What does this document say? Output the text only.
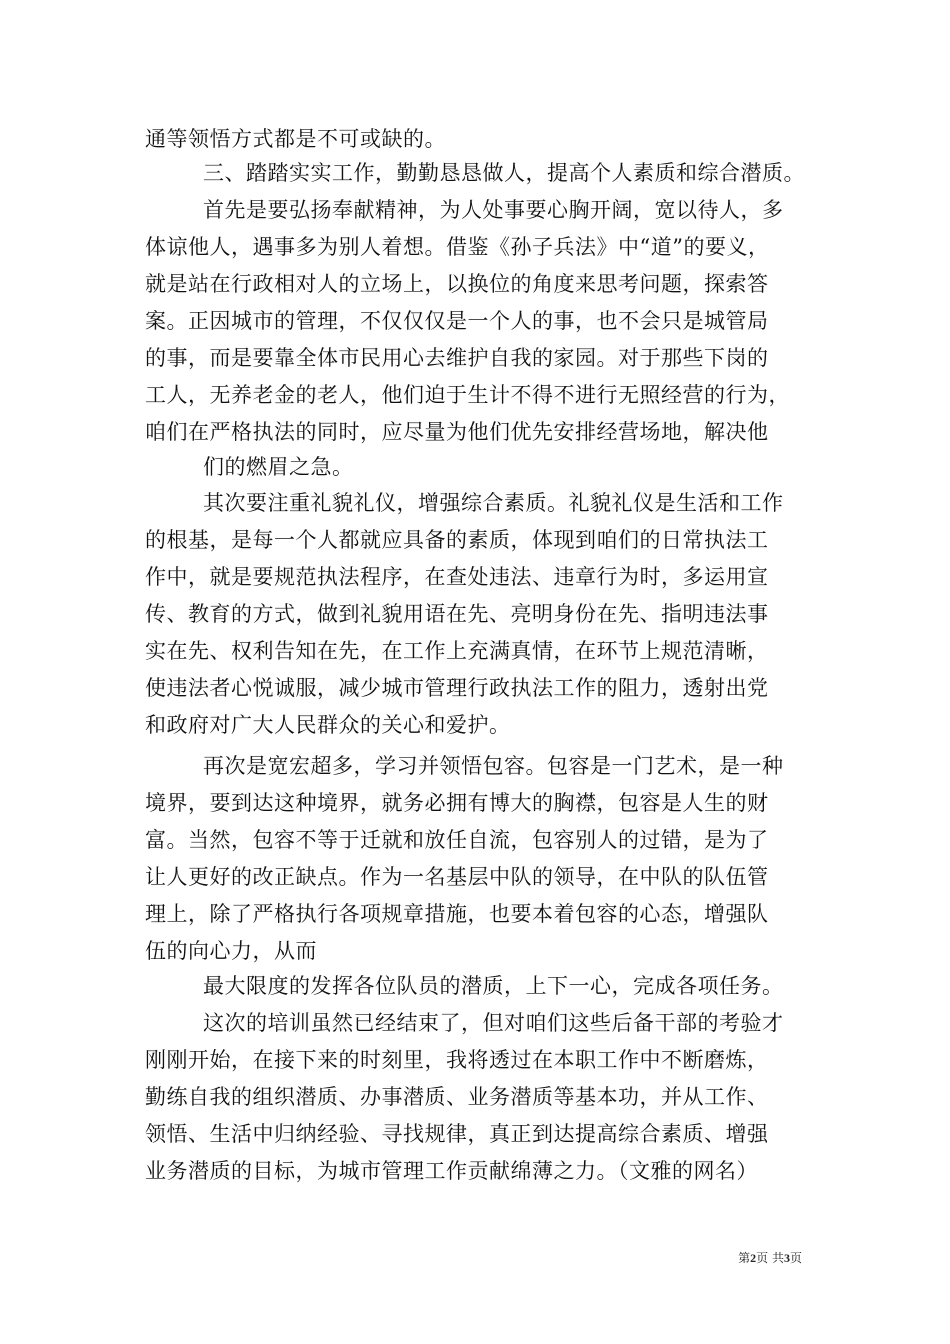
通等领悟方式都是不可或缺的。
三、踏踏实实工作，勤勤恳恳做人，提高个人素质和综合潜质。
首先是要弘扬奉献精神，为人处事要心胸开阔，宽以待人，多
体谅他人，遇事多为别人着想。借鉴《孙子兵法》中“道”的要义，
就是站在行政相对人的立场上，以换位的角度来思考问题，探索答
案。正因城市的管理，不仅仅仅是一个人的事，也不会只是城管局
的事，而是要靠全体市民用心去维护自我的家园。对于那些下岗的
工人，无养老金的老人，他们迫于生计不得不进行无照经营的行为，
咱们在严格执法的同时，应尽量为他们优先安排经营场地，解决他
们的燃眉之急。
其次要注重礼貌礼仪，增强综合素质。礼貌礼仪是生活和工作
的根基，是每一个人都就应具备的素质，体现到咱们的日常执法工
作中，就是要规范执法程序，在查处违法、违章行为时，多运用宣
传、教育的方式，做到礼貌用语在先、亮明身份在先、指明违法事
实在先、权利告知在先，在工作上充满真情，在环节上规范清晰，
使违法者心悦诚服，减少城市管理行政执法工作的阻力，透射出党
和政府对广大人民群众的关心和爱护。
再次是宽宏超多，学习并领悟包容。包容是一门艺术，是一种
境界，要到达这种境界，就务必拥有博大的胸襟，包容是人生的财
富。当然，包容不等于迁就和放任自流，包容别人的过错，是为了
让人更好的改正缺点。作为一名基层中队的领导，在中队的队伍管
理上，除了严格执行各项规章措施，也要本着包容的心态，增强队
伍的向心力，从而
最大限度的发挥各位队员的潜质，上下一心，完成各项任务。
这次的培训虽然已经结束了，但对咱们这些后备干部的考验才
刚刚开始，在接下来的时刻里，我将透过在本职工作中不断磨炼，
勤练自我的组织潜质、办事潜质、业务潜质等基本功，并从工作、
领悟、生活中归纳经验、寻找规律，真正到达提高综合素质、增强
业务潜质的目标，为城市管理工作贡献绵薄之力。（文雅的网名）
第2页 共3页
